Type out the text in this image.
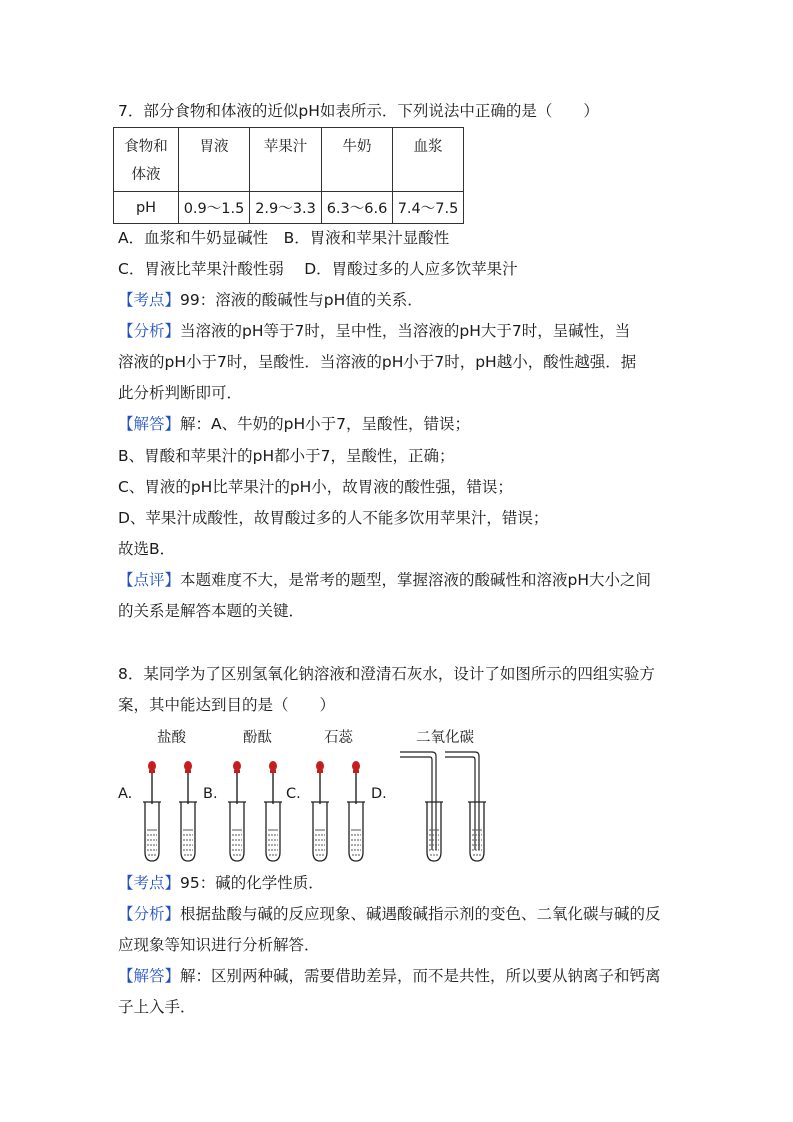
7．部分食物和体液的近似pH如表所示．下列说法中正确的是（　　）
食物和
体液	胃液	苹果汁	牛奶	血浆
pH	0.9～1.5	2.9～3.3	6.3～6.6	7.4～7.5
A．血浆和牛奶显碱性　B．胃液和苹果汁显酸性
C．胃液比苹果汁酸性弱　 D．胃酸过多的人应多饮苹果汁
【考点】99：溶液的酸碱性与pH值的关系．
【分析】当溶液的pH等于7时，呈中性，当溶液的pH大于7时，呈碱性，当
溶液的pH小于7时，呈酸性．当溶液的pH小于7时，pH越小，酸性越强．据
此分析判断即可．
【解答】解：A、牛奶的pH小于7，呈酸性，错误；
B、胃酸和苹果汁的pH都小于7，呈酸性，正确；
C、胃液的pH比苹果汁的pH小，故胃液的酸性强，错误；
D、苹果汁成酸性，故胃酸过多的人不能多饮用苹果汁，错误；
故选B．
【点评】本题难度不大，是常考的题型，掌握溶液的酸碱性和溶液pH大小之间
的关系是解答本题的关键．
8．某同学为了区别氢氧化钠溶液和澄清石灰水，设计了如图所示的四组实验方
案，其中能达到目的是（　　）
盐酸	酚酞	石蕊	二氧化碳
A.	B.	C.	D.
【考点】95：碱的化学性质．
【分析】根据盐酸与碱的反应现象、碱遇酸碱指示剂的变色、二氧化碳与碱的反
应现象等知识进行分析解答．
【解答】解：区别两种碱，需要借助差异，而不是共性，所以要从钠离子和钙离
子上入手．
